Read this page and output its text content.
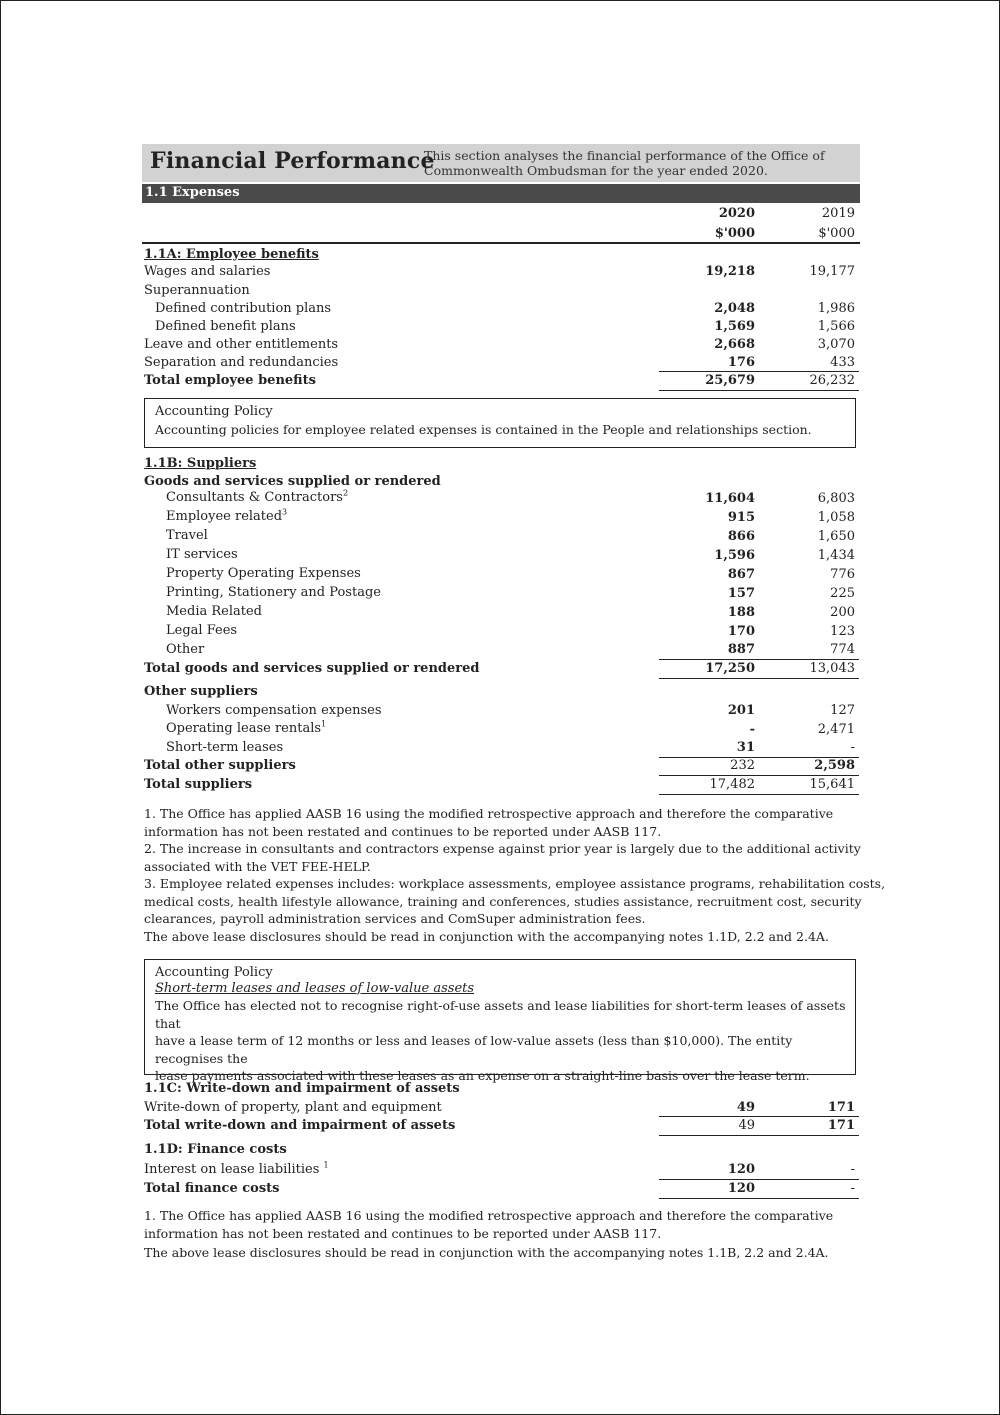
Financial Performance
This section analyses the financial performance of the Office of
Commonwealth Ombudsman for the year ended 2020.
1.1 Expenses
2020	2019
$'000	$'000
1.1A: Employee benefits
Wages and salaries	19,218	19,177
Superannuation
Defined contribution plans	2,048	1,986
Defined benefit plans	1,569	1,566
Leave and other entitlements	2,668	3,070
Separation and redundancies	176	433
Total employee benefits	25,679	26,232
Accounting Policy
Accounting policies for employee related expenses is contained in the People and relationships section.
1.1B: Suppliers
Goods and services supplied or rendered
Consultants & Contractors$^2$	11,604	6,803
Employee related$^3$	915	1,058
Travel	866	1,650
IT services	1,596	1,434
Property Operating Expenses	867	776
Printing, Stationery and Postage	157	225
Media Related	188	200
Legal Fees	170	123
Other	887	774
Total goods and services supplied or rendered	17,250	13,043
Other suppliers
Workers compensation expenses	201	127
Operating lease rentals$^1$	-	2,471
Short-term leases	31	-
Total other suppliers	232	2,598
Total suppliers	17,482	15,641
1. The Office has applied AASB 16 using the modified retrospective approach and therefore the comparative
information has not been restated and continues to be reported under AASB 117.
2. The increase in consultants and contractors expense against prior year is largely due to the additional activity
associated with the VET FEE-HELP.
3. Employee related expenses includes: workplace assessments, employee assistance programs, rehabilitation costs,
medical costs, health lifestyle allowance, training and conferences, studies assistance, recruitment cost, security
clearances, payroll administration services and ComSuper administration fees.
The above lease disclosures should be read in conjunction with the accompanying notes 1.1D, 2.2 and 2.4A.
Accounting Policy
Short-term leases and leases of low-value assets
The Office has elected not to recognise right-of-use assets and lease liabilities for short-term leases of assets that
have a lease term of 12 months or less and leases of low-value assets (less than $10,000). The entity recognises the
lease payments associated with these leases as an expense on a straight-line basis over the lease term.
1.1C: Write-down and impairment of assets
Write-down of property, plant and equipment	49	171
Total write-down and impairment of assets	49	171
1.1D: Finance costs
Interest on lease liabilities $^1$	120	-
Total finance costs	120	-
1. The Office has applied AASB 16 using the modified retrospective approach and therefore the comparative
information has not been restated and continues to be reported under AASB 117.
The above lease disclosures should be read in conjunction with the accompanying notes 1.1B, 2.2 and 2.4A.
